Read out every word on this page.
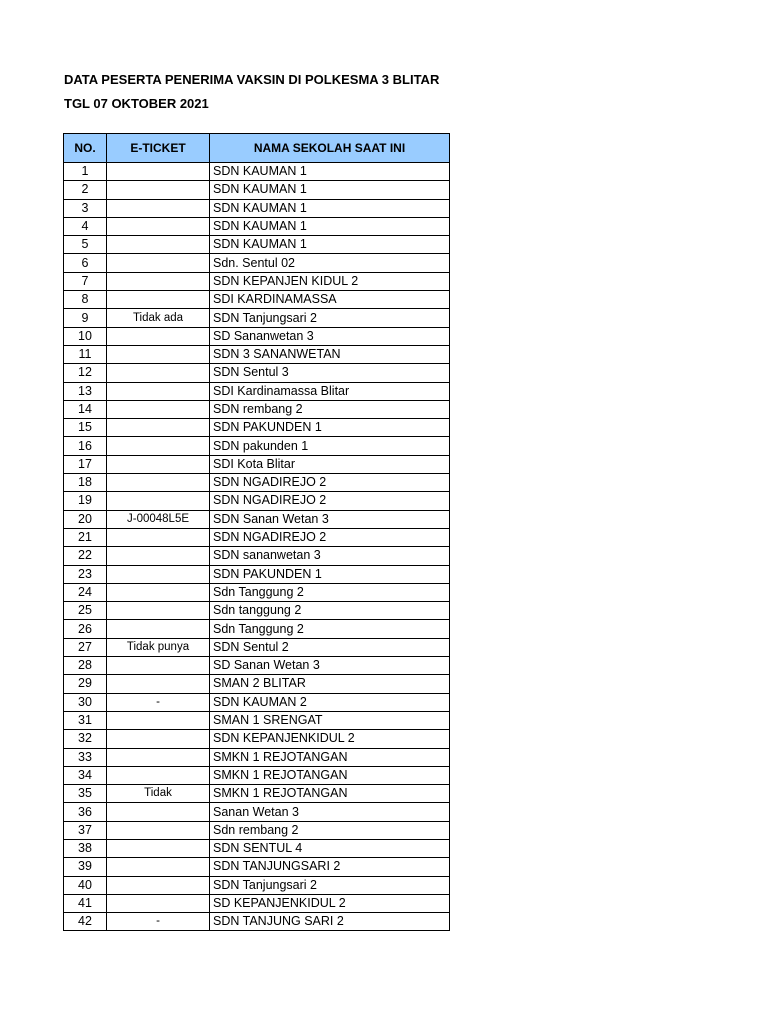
DATA PESERTA PENERIMA VAKSIN DI POLKESMA 3 BLITAR
TGL 07 OKTOBER 2021
NO.	E-TICKET	NAMA SEKOLAH SAAT INI
1		SDN KAUMAN 1
2		SDN KAUMAN 1
3		SDN KAUMAN 1
4		SDN KAUMAN 1
5		SDN KAUMAN 1
6		Sdn. Sentul 02
7		SDN KEPANJEN KIDUL 2
8		SDI KARDINAMASSA
9	Tidak ada	SDN Tanjungsari 2
10		SD Sananwetan 3
11		SDN 3 SANANWETAN
12		SDN Sentul 3
13		SDI Kardinamassa Blitar
14		SDN rembang 2
15		SDN PAKUNDEN 1
16		SDN pakunden 1
17		SDI Kota Blitar
18		SDN NGADIREJO 2
19		SDN NGADIREJO 2
20	J-00048L5E	SDN Sanan Wetan 3
21		SDN NGADIREJO 2
22		SDN sananwetan 3
23		SDN PAKUNDEN 1
24		Sdn Tanggung 2
25		Sdn tanggung 2
26		Sdn Tanggung 2
27	Tidak punya	SDN Sentul 2
28		SD Sanan Wetan 3
29		SMAN 2 BLITAR
30	-	SDN KAUMAN 2
31		SMAN 1 SRENGAT
32		SDN KEPANJENKIDUL 2
33		SMKN 1 REJOTANGAN
34		SMKN 1 REJOTANGAN
35	Tidak	SMKN 1 REJOTANGAN
36		Sanan Wetan 3
37		Sdn rembang 2
38		SDN SENTUL 4
39		SDN TANJUNGSARI 2
40		SDN Tanjungsari 2
41		SD KEPANJENKIDUL 2
42	-	SDN TANJUNG SARI 2
